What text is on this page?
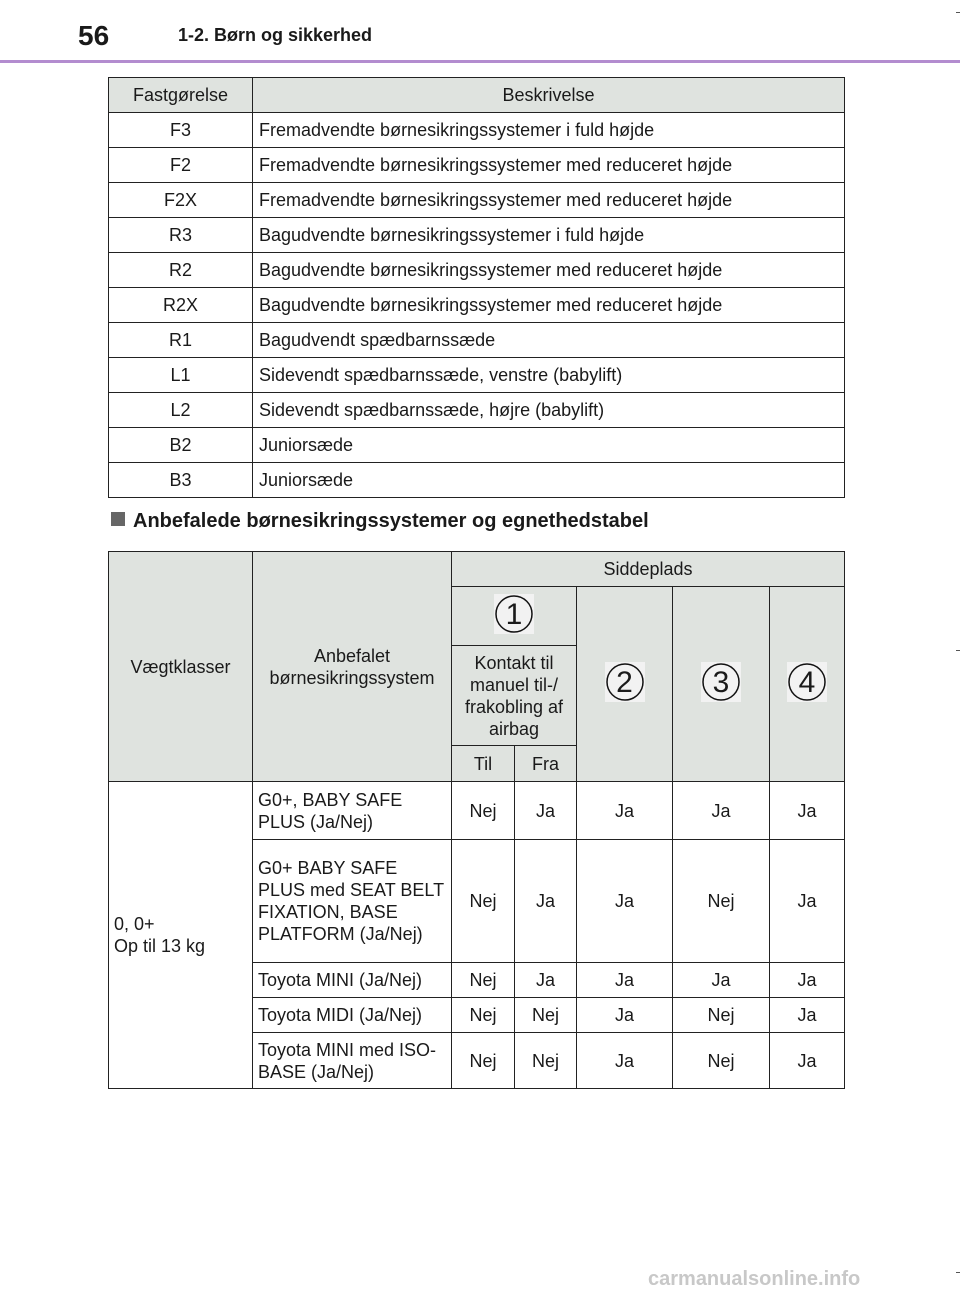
56	1-2. Børn og sikkerhed
Fastgørelse	Beskrivelse
F3	Fremadvendte børnesikringssystemer i fuld højde
F2	Fremadvendte børnesikringssystemer med reduceret højde
F2X	Fremadvendte børnesikringssystemer med reduceret højde
R3	Bagudvendte børnesikringssystemer i fuld højde
R2	Bagudvendte børnesikringssystemer med reduceret højde
R2X	Bagudvendte børnesikringssystemer med reduceret højde
R1	Bagudvendt spædbarnssæde
L1	Sidevendt spædbarnssæde, venstre (babylift)
L2	Sidevendt spædbarnssæde, højre (babylift)
B2	Juniorsæde
B3	Juniorsæde
Anbefalede børnesikringssystemer og egnethedstabel
Vægtklasser	Anbefalet børnesikringssystem	Siddeplads				

		1		2	3	4

		Kontakt til manuel til-/ frakobling af airbag				
		Til	Fra			

0, 0+
Op til 13 kg	G0+, BABY SAFE PLUS (Ja/Nej)	Nej	Ja	Ja	Ja	Ja
	G0+ BABY SAFE PLUS med SEAT BELT FIXATION, BASE PLATFORM (Ja/Nej)	Nej	Ja	Ja	Nej	Ja
	Toyota MINI (Ja/Nej)	Nej	Ja	Ja	Ja	Ja
	Toyota MIDI (Ja/Nej)	Nej	Nej	Ja	Nej	Ja
	Toyota MINI med ISO-BASE (Ja/Nej)	Nej	Nej	Ja	Nej	Ja
carmanualsonline.info
